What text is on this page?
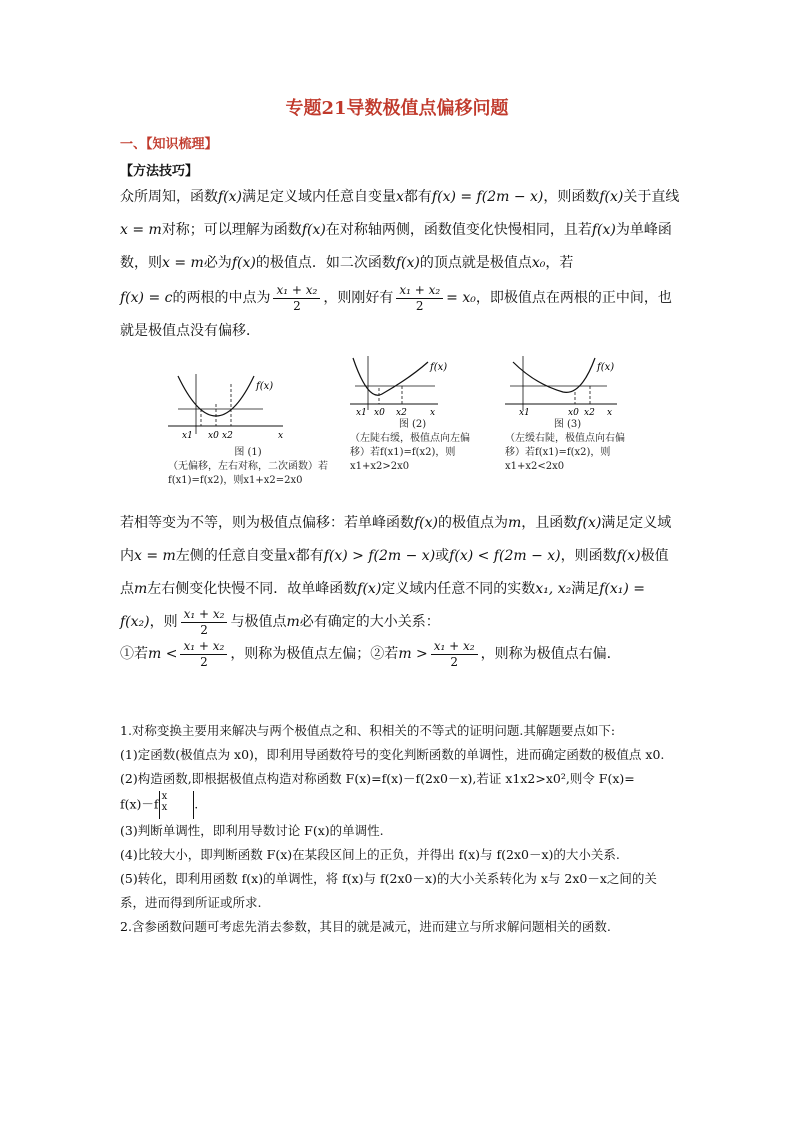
专题21导数极值点偏移问题
一、【知识梳理】
【方法技巧】
众所周知，函数f(x)满足定义域内任意自变量x都有f(x) = f(2m − x)，则函数f(x)关于直线x = m对称；可以理解为函数f(x)在对称轴两侧，函数值变化快慢相同，且若f(x)为单峰函数，则x = m必为f(x)的极值点．如二次函数f(x)的顶点就是极值点x₀，若
f(x) = c的两根的中点为 $\frac{\text{x₁ + x₂}}{2}$ ，则刚好有 $\frac{\text{x₁ + x₂}}{2} = x_0$，即极值点在两根的正中间，也就是极值点没有偏移．
f(x)
x1 x0 x2	x
图 (1)
（无偏移，左右对称，二次函数）若f(x1)=f(x2)，则x1+x2=2x0
f(x)
x1 x0 x2	x
图 (2)
（左陡右缓，极值点向左偏移）若f(x1)=f(x2)，则x1+x2>2x0
f(x)
x1	x0 x2 x
图 (3)
（左缓右陡，极值点向右偏移）若f(x1)=f(x2)，则x1+x2<2x0
若相等变为不等，则为极值点偏移：若单峰函数f(x)的极值点为m，且函数f(x)满足定义域内x = m左侧的任意自变量x都有f(x) > f(2m − x)或f(x) < f(2m − x)，则函数f(x)极值点m左右侧变化快慢不同．故单峰函数f(x)定义域内任意不同的实数x₁, x₂满足f(x₁) = f(x₂)，则 $\frac{\text{x₁ + x₂}}{2}$ 与极值点m必有确定的大小关系：
①若$m < \frac{\text{x₁ + x₂}}{2}$ ，则称为极值点左偏；②若$m > \frac{\text{x₁ + x₂}}{2}$ ，则称为极值点右偏.
1.对称变换主要用来解决与两个极值点之和、积相关的不等式的证明问题.其解题要点如下:
(1)定函数(极值点为 x0)，即利用导函数符号的变化判断函数的单调性，进而确定函数的极值点 x0.
(2)构造函数,即根据极值点构造对称函数 F(x)=f(x)－f(2x0－x),若证 x1x2>x0²,则令 F(x)=
f(x)－f x
x .
(3)判断单调性，即利用导数讨论 F(x)的单调性.
(4)比较大小，即判断函数 F(x)在某段区间上的正负，并得出 f(x)与 f(2x0－x)的大小关系.
(5)转化，即利用函数 f(x)的单调性，将 f(x)与 f(2x0－x)的大小关系转化为 x与 2x0－x之间的关系，进而得到所证或所求.
2.含参函数问题可考虑先消去参数，其目的就是减元，进而建立与所求解问题相关的函数.
